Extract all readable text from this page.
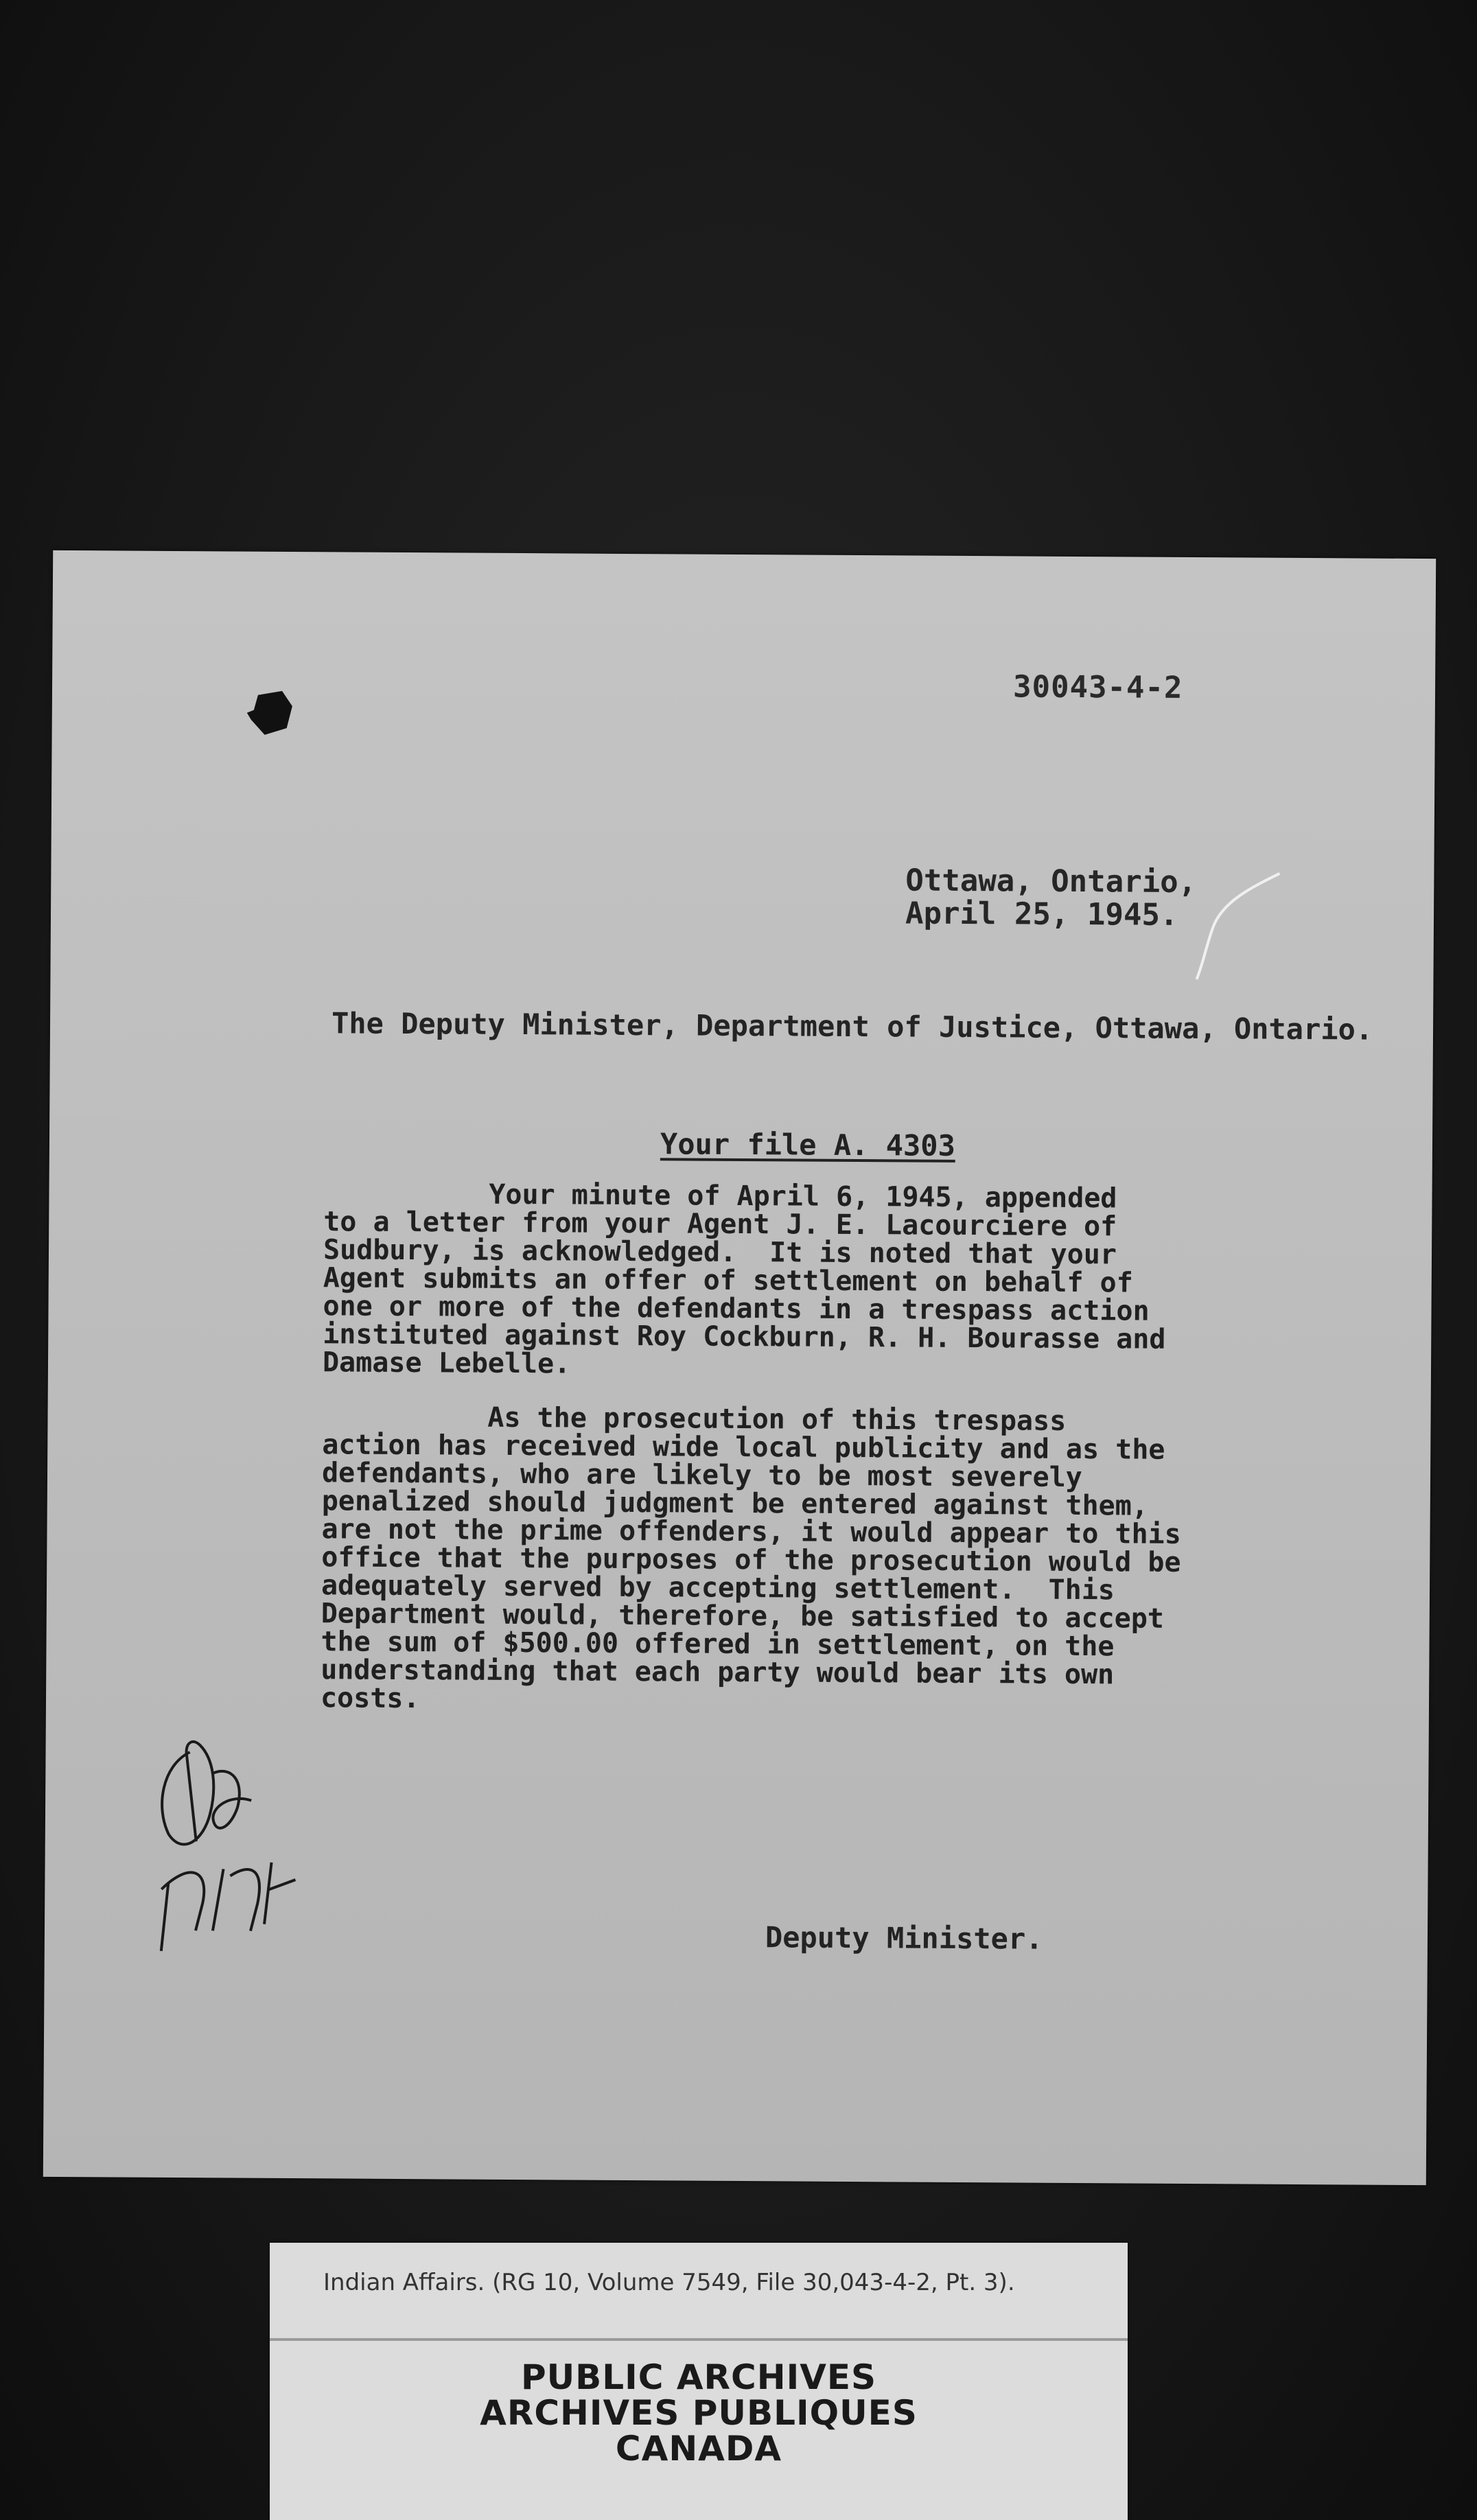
30043-4-2
Ottawa, Ontario,
April 25, 1945.
The Deputy Minister, Department of Justice, Ottawa, Ontario.
Your file A. 4303
Your minute of April 6, 1945, appended
to a letter from your Agent J. E. Lacourciere of
Sudbury, is acknowledged.  It is noted that your
Agent submits an offer of settlement on behalf of
one or more of the defendants in a trespass action
instituted against Roy Cockburn, R. H. Bourasse and
Damase Lebelle.
As the prosecution of this trespass
action has received wide local publicity and as the
defendants, who are likely to be most severely
penalized should judgment be entered against them,
are not the prime offenders, it would appear to this
office that the purposes of the prosecution would be
adequately served by accepting settlement.  This
Department would, therefore, be satisfied to accept
the sum of $500.00 offered in settlement, on the
understanding that each party would bear its own
costs.
Deputy Minister.
Indian Affairs. (RG 10, Volume 7549, File 30,043-4-2, Pt. 3).
PUBLIC ARCHIVES
ARCHIVES PUBLIQUES
CANADA
